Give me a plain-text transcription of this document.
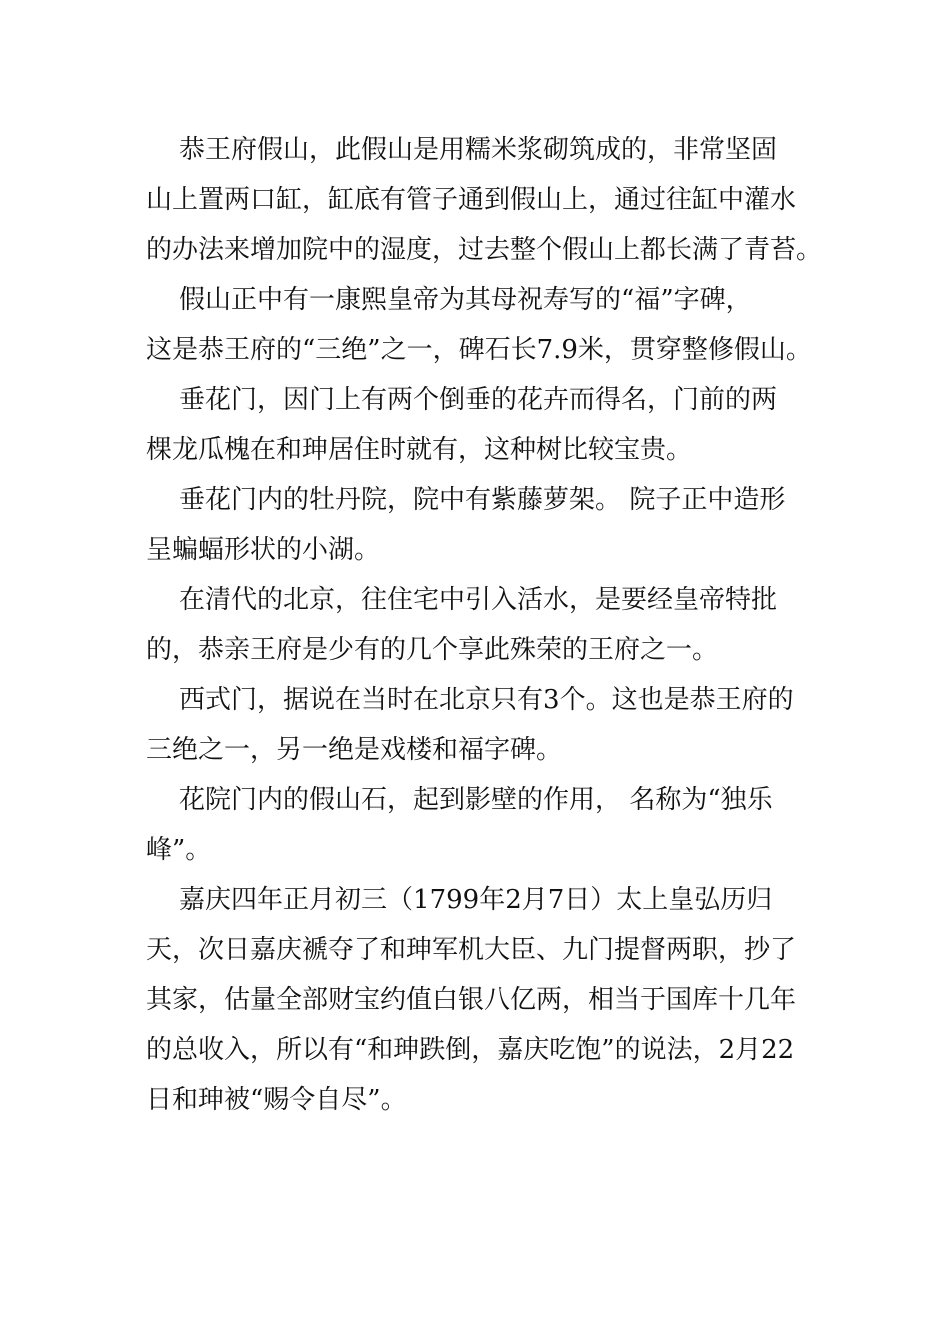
恭王府假山，此假山是用糯米浆砌筑成的，非常坚固
山上置两口缸，缸底有管子通到假山上，通过往缸中灌水
的办法来增加院中的湿度，过去整个假山上都长满了青苔。
假山正中有一康熙皇帝为其母祝寿写的“福”字碑，
这是恭王府的“三绝”之一，碑石长7.9米，贯穿整修假山。
垂花门，因门上有两个倒垂的花卉而得名，门前的两
棵龙瓜槐在和珅居住时就有，这种树比较宝贵。
垂花门内的牡丹院，院中有紫藤萝架。 院子正中造形
呈蝙蝠形状的小湖。
在清代的北京，往住宅中引入活水，是要经皇帝特批
的，恭亲王府是少有的几个享此殊荣的王府之一。
西式门，据说在当时在北京只有3个。这也是恭王府的
三绝之一，另一绝是戏楼和福字碑。
花院门内的假山石，起到影壁的作用， 名称为“独乐
峰”。
嘉庆四年正月初三（1799年2月7日）太上皇弘历归
天，次日嘉庆褫夺了和珅军机大臣、九门提督两职，抄了
其家，估量全部财宝约值白银八亿两，相当于国库十几年
的总收入，所以有“和珅跌倒，嘉庆吃饱”的说法，2月22
日和珅被“赐令自尽”。
